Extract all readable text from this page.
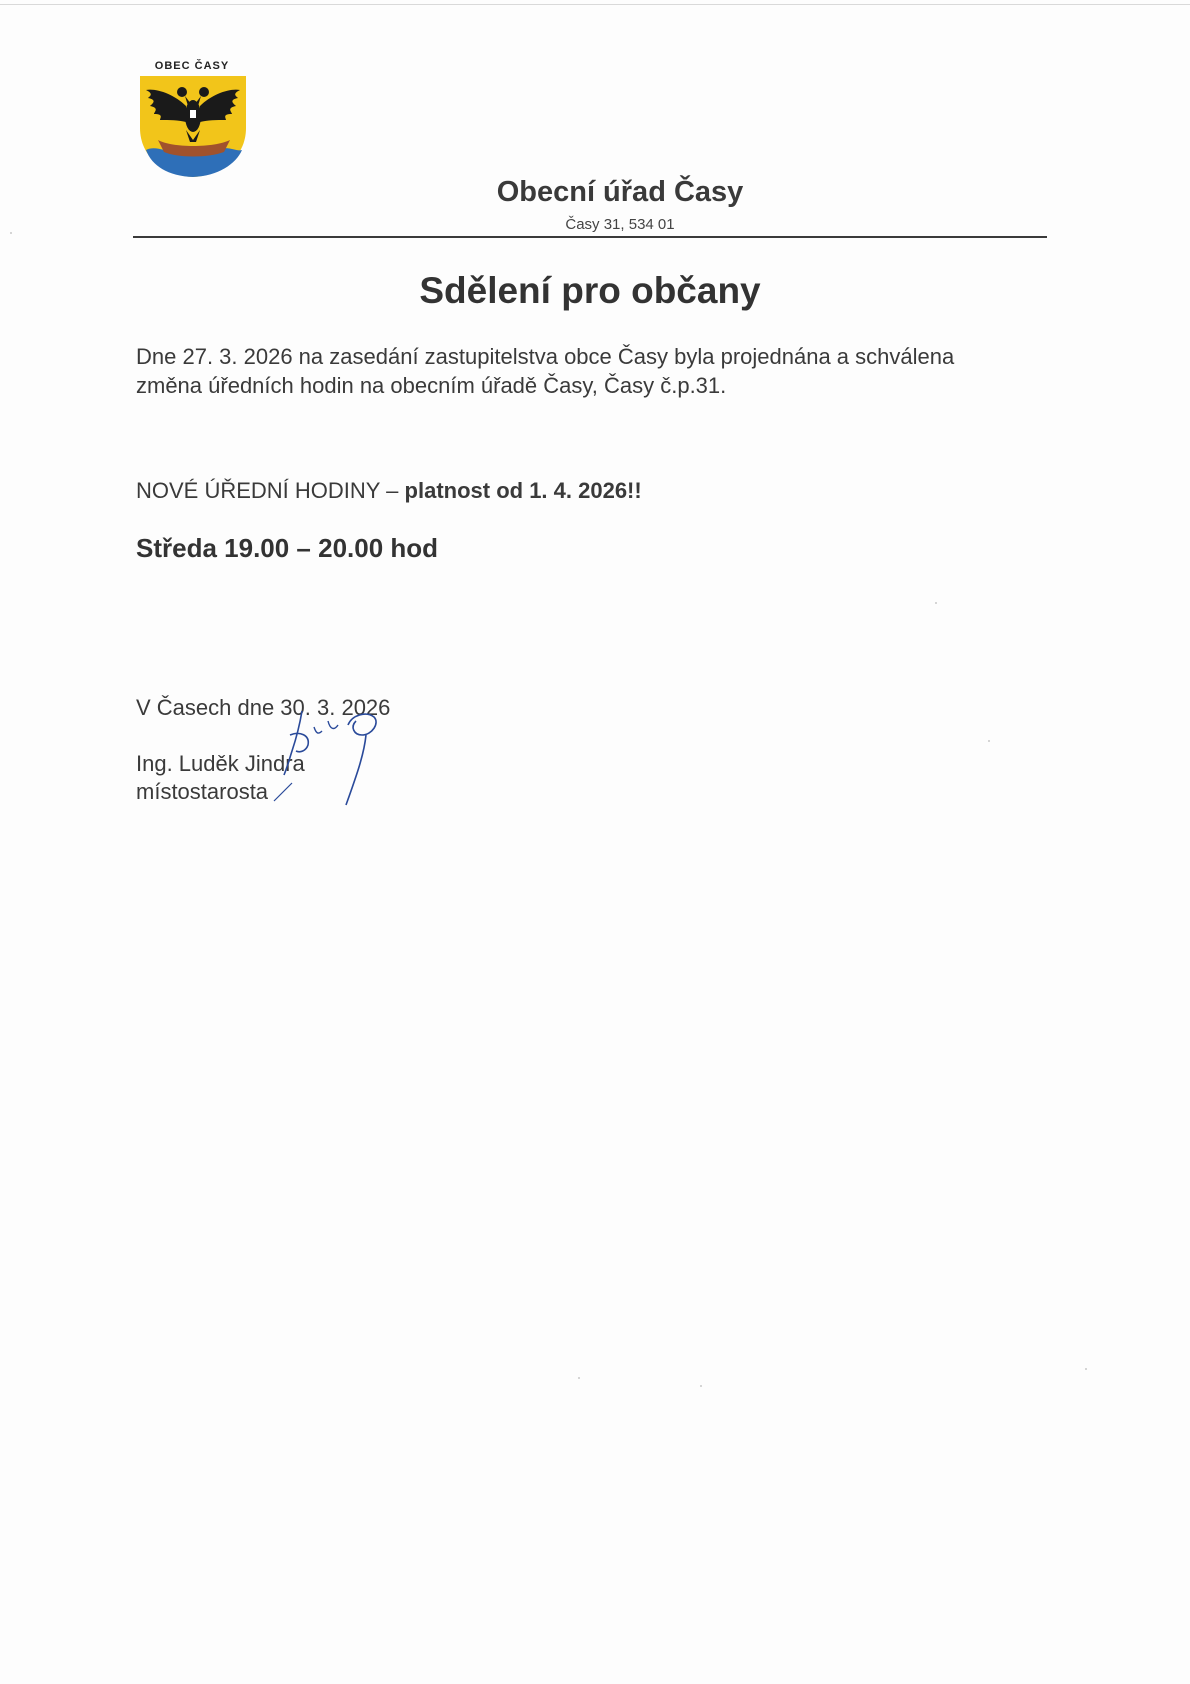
OBEC ČASY
Obecní úřad Časy
Časy 31, 534 01
Sdělení pro občany
Dne 27. 3. 2026 na zasedání zastupitelstva obce Časy byla projednána a schválena
změna úředních hodin na obecním úřadě Časy, Časy č.p.31.
NOVÉ ÚŘEDNÍ HODINY – platnost od 1. 4. 2026!!
Středa 19.00 – 20.00 hod
V Časech dne 30. 3. 2026
Ing. Luděk Jindra
místostarosta
